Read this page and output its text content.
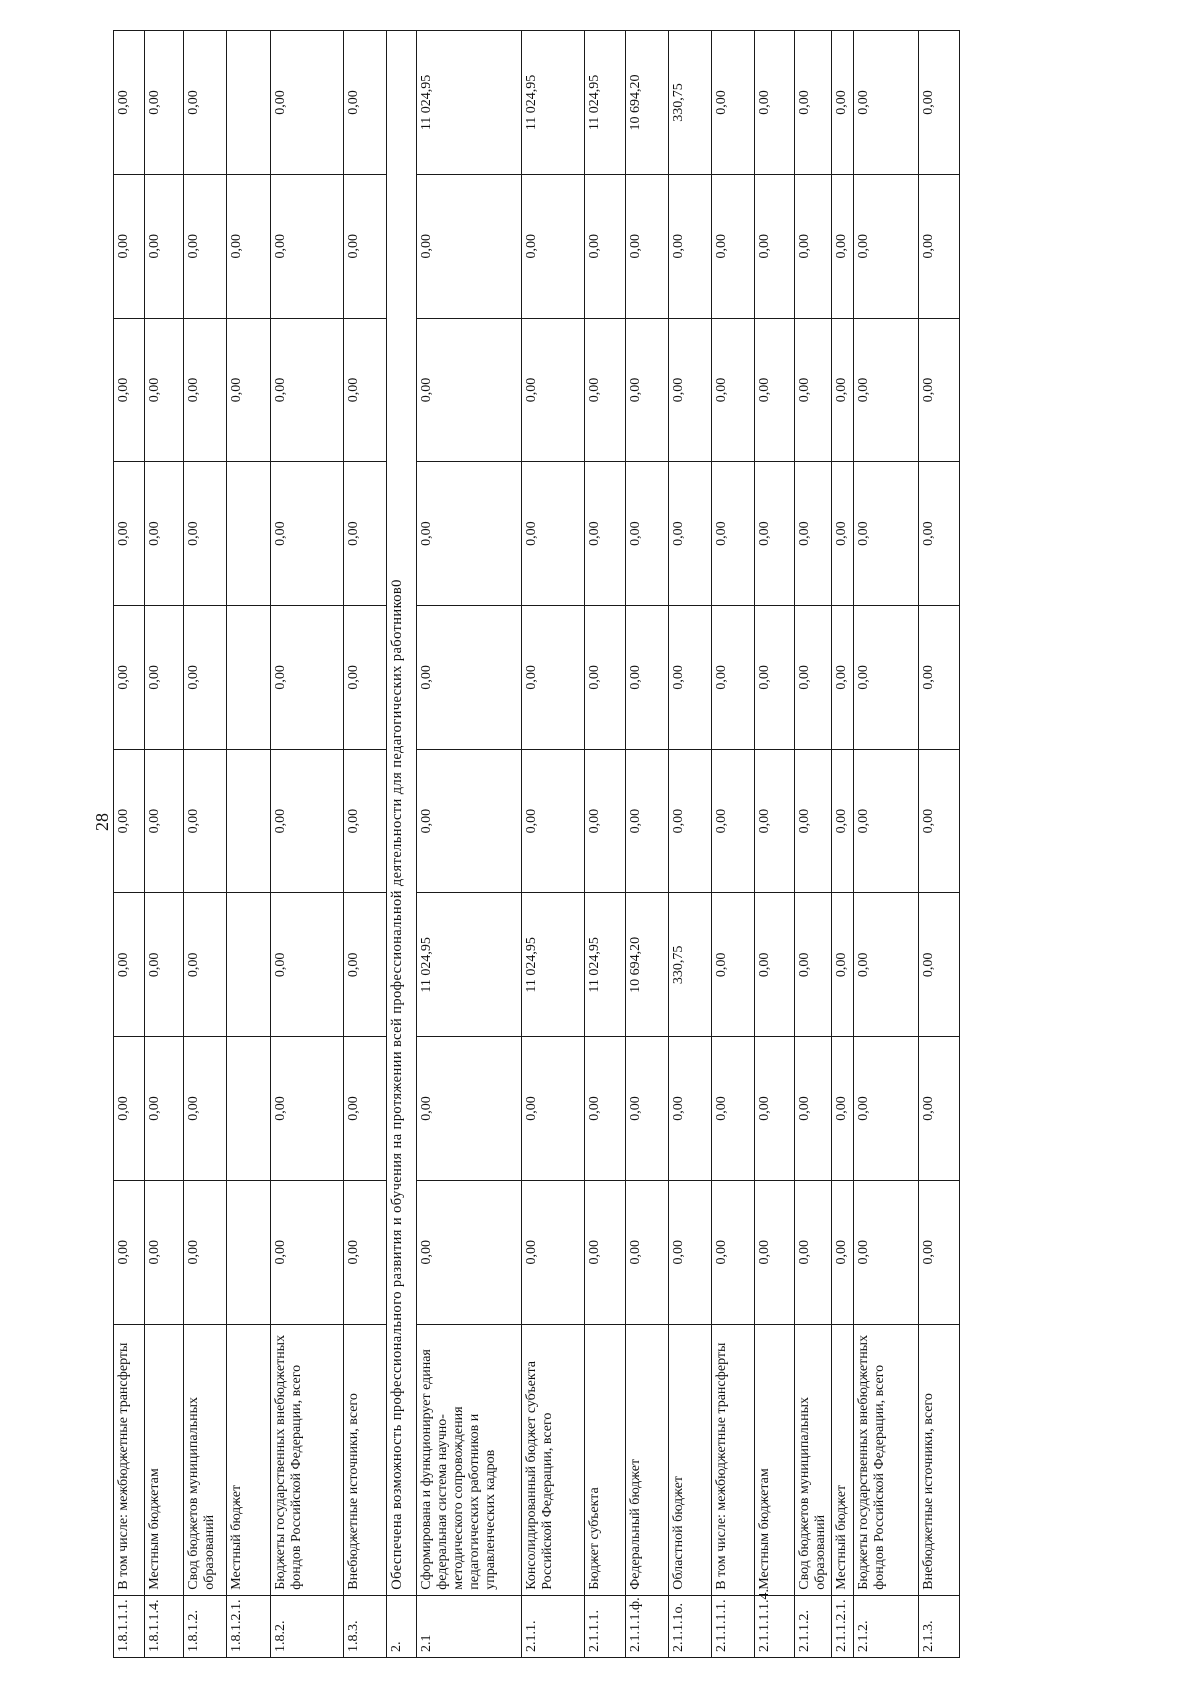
28
1.8.1.1.1.	В том числе: межбюджетные трансферты	0,00	0,00	0,00	0,00	0,00	0,00	0,00	0,00	0,00
1.8.1.1.4.	Местным бюджетам	0,00	0,00	0,00	0,00	0,00	0,00	0,00	0,00	0,00
1.8.1.2.	Свод бюджетов муниципальных образований	0,00	0,00	0,00	0,00	0,00	0,00	0,00	0,00	0,00
1.8.1.2.1.	Местный бюджет							0,00	0,00	
1.8.2.	Бюджеты государственных внебюджетных фондов Российской Федерации, всего	0,00	0,00	0,00	0,00	0,00	0,00	0,00	0,00	0,00
1.8.3.	Внебюджетные источники, всего	0,00	0,00	0,00	0,00	0,00	0,00	0,00	0,00	0,00
2.	Обеспечена возможность профессионального развития и обучения на протяжении всей профессиональной деятельности для педагогических работников0									
2.1	Сформирована и функционирует единая федеральная система научно-методического сопровождения педагогических работников и управленческих кадров	0,00	0,00	11 024,95	0,00	0,00	0,00	0,00	0,00	11 024,95
2.1.1.	Консолидированный бюджет субъекта Российской Федерации, всего	0,00	0,00	11 024,95	0,00	0,00	0,00	0,00	0,00	11 024,95
2.1.1.1.	Бюджет субъекта	0,00	0,00	11 024,95	0,00	0,00	0,00	0,00	0,00	11 024,95
2.1.1.1.ф.	Федеральный бюджет	0,00	0,00	10 694,20	0,00	0,00	0,00	0,00	0,00	10 694,20
2.1.1.1о.	Областной бюджет	0,00	0,00	330,75	0,00	0,00	0,00	0,00	0,00	330,75
2.1.1.1.1.	В том числе: межбюджетные трансферты	0,00	0,00	0,00	0,00	0,00	0,00	0,00	0,00	0,00
2.1.1.1.1.4.	Местным бюджетам	0,00	0,00	0,00	0,00	0,00	0,00	0,00	0,00	0,00
2.1.1.2.	Свод бюджетов муниципальных образований	0,00	0,00	0,00	0,00	0,00	0,00	0,00	0,00	0,00
2.1.1.2.1.	Местный бюджет	0,00	0,00	0,00	0,00	0,00	0,00	0,00	0,00	0,00
2.1.2.	Бюджеты государственных внебюджетных фондов Российской Федерации, всего	0,00	0,00	0,00	0,00	0,00	0,00	0,00	0,00	0,00
2.1.3.	Внебюджетные источники, всего	0,00	0,00	0,00	0,00	0,00	0,00	0,00	0,00	0,00
